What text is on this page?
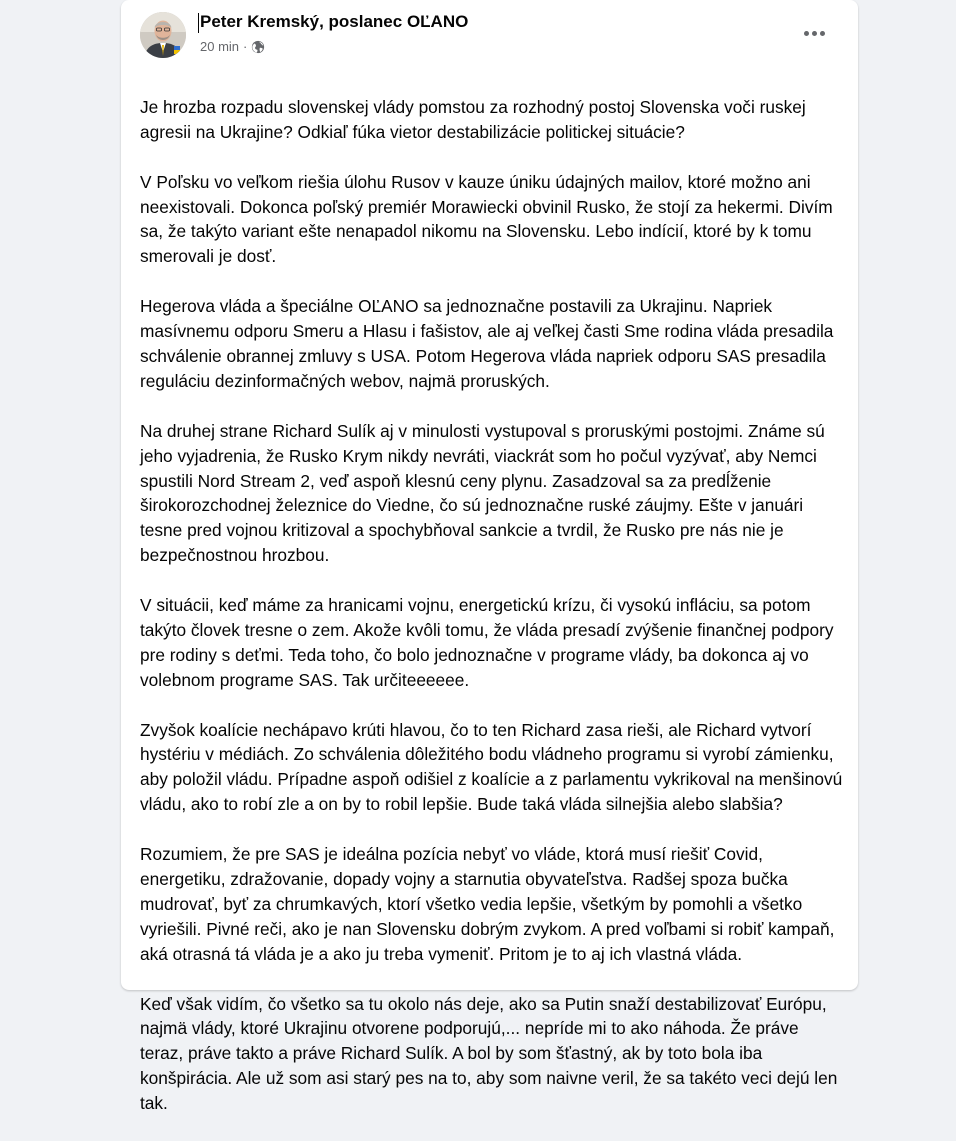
Peter Kremský, poslanec OĽANO
20 min ·

Je hrozba rozpadu slovenskej vlády pomstou za rozhodný postoj Slovenska voči ruskej agresii na Ukrajine? Odkiaľ fúka vietor destabilizácie politickej situácie?

V Poľsku vo veľkom riešia úlohu Rusov v kauze úniku údajných mailov, ktoré možno ani neexistovali. Dokonca poľský premiér Morawiecki obvinil Rusko, že stojí za hekermi. Divím sa, že takýto variant ešte nenapadol nikomu na Slovensku. Lebo indícií, ktoré by k tomu smerovali je dosť.

Hegerova vláda a špeciálne OĽANO sa jednoznačne postavili za Ukrajinu. Napriek masívnemu odporu Smeru a Hlasu i fašistov, ale aj veľkej časti Sme rodina vláda presadila schválenie obrannej zmluvy s USA. Potom Hegerova vláda napriek odporu SAS presadila reguláciu dezinformačných webov, najmä proruských.

Na druhej strane Richard Sulík aj v minulosti vystupoval s proruskými postojmi. Známe sú jeho vyjadrenia, že Rusko Krym nikdy nevráti, viackrát som ho počul vyzývať, aby Nemci spustili Nord Stream 2, veď aspoň klesnú ceny plynu. Zasadzoval sa za predĺženie širokorozchodnej železnice do Viedne, čo sú jednoznačne ruské záujmy. Ešte v januári tesne pred vojnou kritizoval a spochybňoval sankcie a tvrdil, že Rusko pre nás nie je bezpečnostnou hrozbou.

V situácii, keď máme za hranicami vojnu, energetickú krízu, či vysokú infláciu, sa potom takýto človek tresne o zem. Akože kvôli tomu, že vláda presadí zvýšenie finančnej podpory pre rodiny s deťmi. Teda toho, čo bolo jednoznačne v programe vlády, ba dokonca aj vo volebnom programe SAS. Tak určiteeeeee.

Zvyšok koalície nechápavo krúti hlavou, čo to ten Richard zasa rieši, ale Richard vytvorí hystériu v médiách. Zo schválenia dôležitého bodu vládneho programu si vyrobí zámienku, aby položil vládu. Prípadne aspoň odišiel z koalície a z parlamentu vykrikoval na menšinovú vládu, ako to robí zle a on by to robil lepšie. Bude taká vláda silnejšia alebo slabšia?

Rozumiem, že pre SAS je ideálna pozícia nebyť vo vláde, ktorá musí riešiť Covid, energetiku, zdražovanie, dopady vojny a starnutia obyvateľstva. Radšej spoza bučka mudrovať, byť za chrumkavých, ktorí všetko vedia lepšie, všetkým by pomohli a všetko vyriešili. Pivné reči, ako je nan Slovensku dobrým zvykom. A pred voľbami si robiť kampaň, aká otrasná tá vláda je a ako ju treba vymeniť. Pritom je to aj ich vlastná vláda.

Keď však vidím, čo všetko sa tu okolo nás deje, ako sa Putin snaží destabilizovať Európu, najmä vlády, ktoré Ukrajinu otvorene podporujú,... nepríde mi to ako náhoda. Že práve teraz, práve takto a práve Richard Sulík. A bol by som šťastný, ak by toto bola iba konšpirácia. Ale už som asi starý pes na to, aby som naivne veril, že sa takéto veci dejú len tak.
